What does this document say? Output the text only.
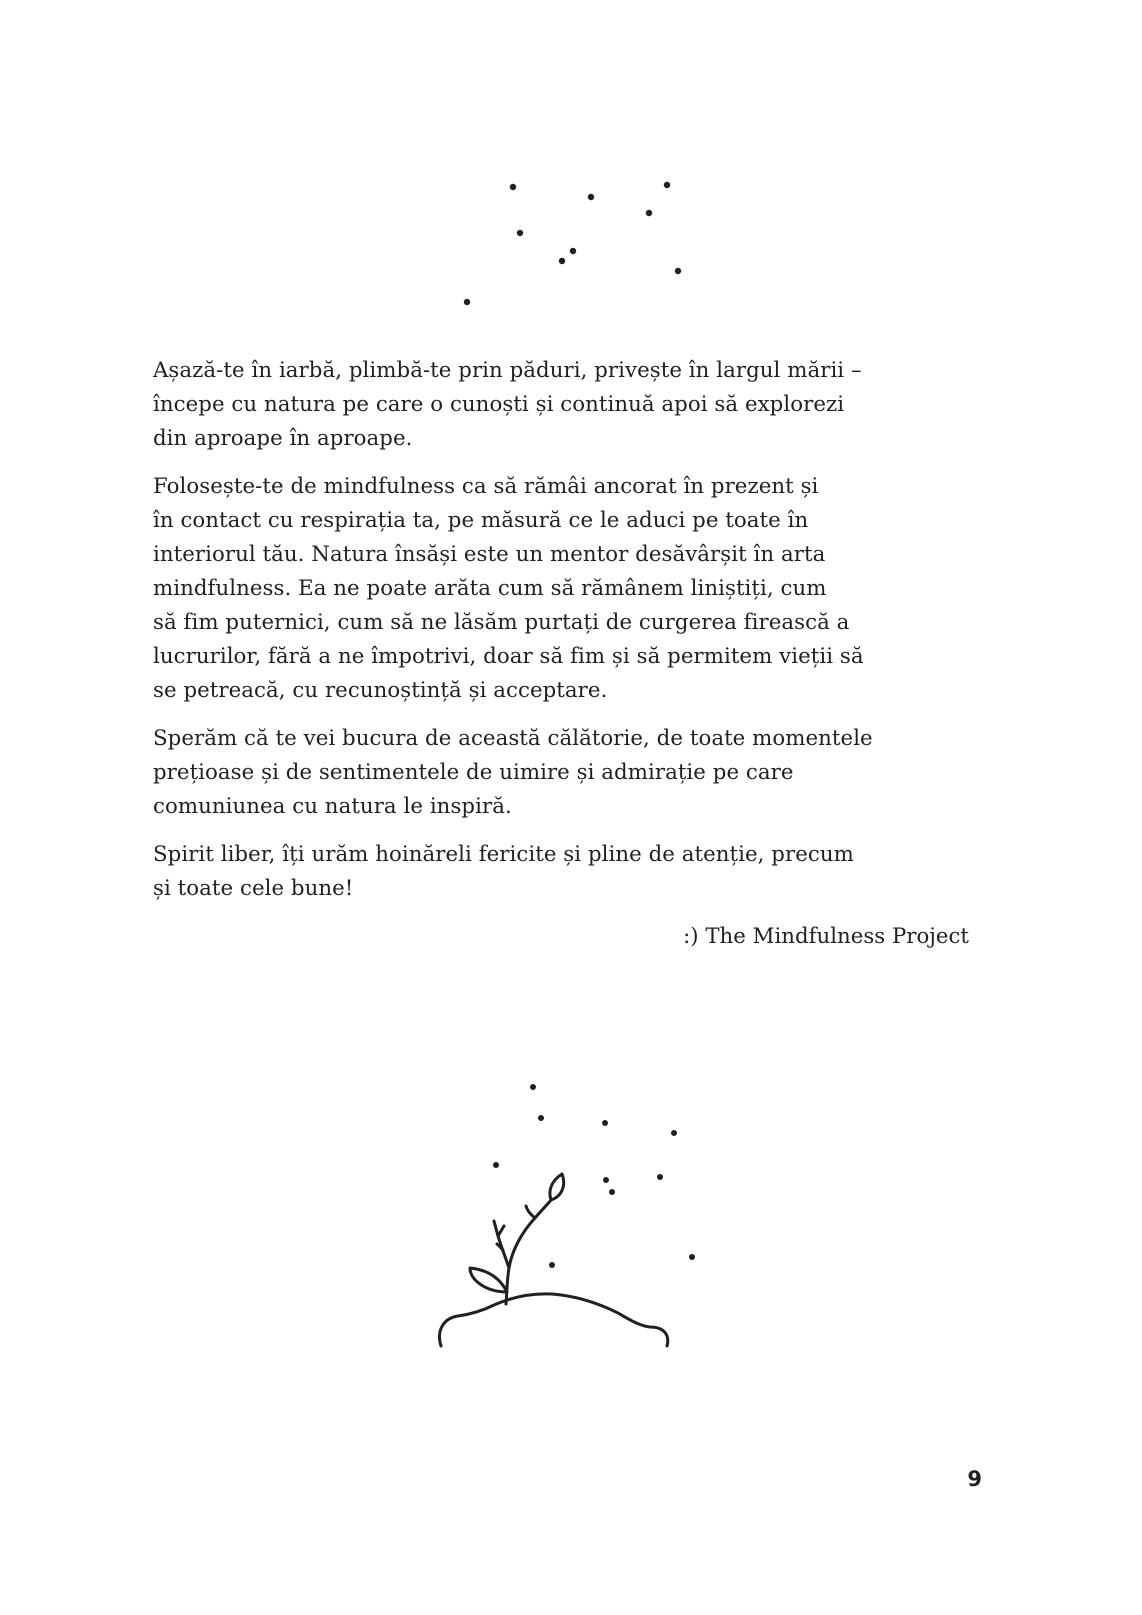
Așază-te în iarbă, plimbă-te prin păduri, privește în largul mării –
începe cu natura pe care o cunoști și continuă apoi să explorezi
din aproape în aproape.

Folosește-te de mindfulness ca să rămâi ancorat în prezent și
în contact cu respirația ta, pe măsură ce le aduci pe toate în
interiorul tău. Natura însăși este un mentor desăvârșit în arta
mindfulness. Ea ne poate arăta cum să rămânem liniștiți, cum
să fim puternici, cum să ne lăsăm purtați de curgerea firească a
lucrurilor, fără a ne împotrivi, doar să fim și să permitem vieții să
se petreacă, cu recunoștință și acceptare.

Sperăm că te vei bucura de această călătorie, de toate momentele
prețioase și de sentimentele de uimire și admirație pe care
comuniunea cu natura le inspiră.

Spirit liber, îți urăm hoinăreli fericite și pline de atenție, precum
și toate cele bune!

:) The Mindfulness Project
9
